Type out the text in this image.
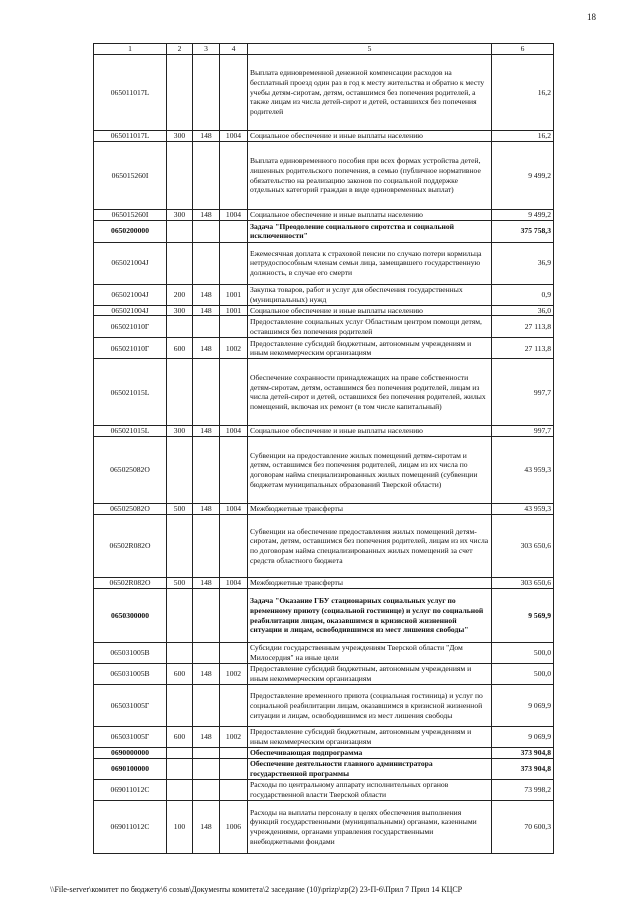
18
1	2	3	4	5	6
065011017L				Выплата единовременной денежной компенсации расходов на бесплатный проезд один раз в год к месту жительства и обратно к месту учебы детям-сиротам, детям, оставшимся без попечения родителей, а также лицам из числа детей-сирот и детей, оставшихся без попечения родителей	16,2
065011017L	300	148	1004	Социальное обеспечение и иные выплаты населению	16,2
065015260I				Выплата единовременного пособия при всех формах устройства детей, лишенных родительского попечения, в семью (публичное нормативное обязательство на реализацию законов по социальной поддержке отдельных категорий граждан в виде единовременных выплат)	9 499,2
065015260I	300	148	1004	Социальное обеспечение и иные выплаты населению	9 499,2
0650200000				Задача "Преодоление социального сиротства и социальной исключенности"	375 758,3
065021004J				Ежемесячная доплата к страховой пенсии по случаю потери кормильца нетрудоспособным членам семьи лица, замещавшего государственную должность, в случае его смерти	36,9
065021004J	200	148	1001	Закупка товаров, работ и услуг для обеспечения государственных (муниципальных) нужд	0,9
065021004J	300	148	1001	Социальное обеспечение и иные выплаты населению	36,0
065021010Г				Предоставление социальных услуг Областным центром помощи детям, оставшимся без попечения родителей	27 113,8
065021010Г	600	148	1002	Предоставление субсидий бюджетным, автономным учреждениям и иным некоммерческим организациям	27 113,8
065021015L				Обеспечение сохранности принадлежащих на праве собственности детям-сиротам, детям, оставшимся без попечения родителей, лицам из числа детей-сирот и детей, оставшихся без попечения родителей, жилых помещений, включая их ремонт (в том числе капитальный)	997,7
065021015L	300	148	1004	Социальное обеспечение и иные выплаты населению	997,7
065025082О				Субвенции на предоставление жилых помещений детям-сиротам и детям, оставшимся без попечения родителей, лицам из их числа по договорам найма специализированных жилых помещений (субвенции бюджетам муниципальных образований Тверской области)	43 959,3
065025082О	500	148	1004	Межбюджетные трансферты	43 959,3
06502R082О				Субвенции на обеспечение предоставления жилых помещений детям-сиротам, детям, оставшимся без попечения родителей, лицам из их числа по договорам найма специализированных жилых помещений за счет средств областного бюджета	303 650,6
06502R082О	500	148	1004	Межбюджетные трансферты	303 650,6
0650300000				Задача "Оказание ГБУ стационарных социальных услуг по временному приюту (социальной гостинице) и услуг по социальной реабилитации лицам, оказавшимся в кризисной жизненной ситуации и лицам, освободившимся из мест лишения свободы"	9 569,9
065031005В				Субсидии государственным учреждениям Тверской области "Дом Милосердия" на иные цели	500,0
065031005В	600	148	1002	Предоставление субсидий бюджетным, автономным учреждениям и иным некоммерческим организациям	500,0
065031005Г				Предоставление временного приюта (социальная гостиница) и услуг по социальной реабилитации лицам, оказавшимся в кризисной жизненной ситуации и лицам, освободившимся из мест лишения свободы	9 069,9
065031005Г	600	148	1002	Предоставление субсидий бюджетным, автономным учреждениям и иным некоммерческим организациям	9 069,9
0690000000				Обеспечивающая подпрограмма	373 904,8
0690100000				Обеспечение деятельности главного администратора государственной программы	373 904,8
069011012С				Расходы по центральному аппарату исполнительных органов государственной власти Тверской области	73 998,2
069011012С	100	148	1006	Расходы на выплаты персоналу в целях обеспечения выполнения функций государственными (муниципальными) органами, казенными учреждениями, органами управления государственными внебюджетными фондами	70 600,3
\\File-server\комитет по бюджету\6 созыв\Документы комитета\2 заседание (10)\prizp\zp(2) 23-П-6\Прил 7 Прил 14 КЦСР
